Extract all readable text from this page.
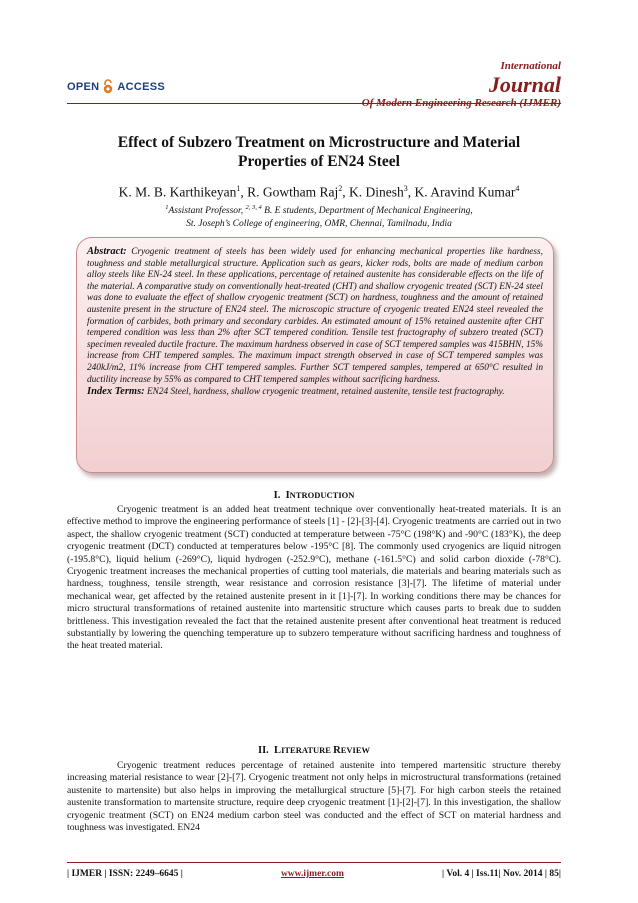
OPEN ACCESS
International
Journal
Of Modern Engineering Research (IJMER)
Effect of Subzero Treatment on Microstructure and Material
Properties of EN24 Steel
K. M. B. Karthikeyan$^1$, R. Gowtham Raj$^2$, K. Dinesh$^3$, K. Aravind Kumar$^4$
$^1$Assistant Professor, $^{2, 3, 4}$ B. E students, Department of Mechanical Engineering,
St. Joseph’s College of engineering, OMR, Chennai, Tamilnadu, India

Abstract: Cryogenic treatment of steels has been widely used for enhancing mechanical properties like hardness, toughness and stable metallurgical structure. Application such as gears, kicker rods, bolts are made of medium carbon alloy steels like EN-24 steel. In these applications, percentage of retained austenite has considerable effects on the life of the material. A comparative study on conventionally heat-treated (CHT) and shallow cryogenic treated (SCT) EN-24 steel was done to evaluate the effect of shallow cryogenic treatment (SCT) on hardness, toughness and the amount of retained austenite present in the structure of EN24 steel. The microscopic structure of cryogenic treated EN24 steel revealed the formation of carbides, both primary and secondary carbides. An estimated amount of 15% retained austenite after CHT tempered condition was less than 2% after SCT tempered condition. Tensile test fractography of subzero treated (SCT) specimen revealed ductile fracture. The maximum hardness observed in case of SCT tempered samples was 415BHN, 15% increase from CHT tempered samples. The maximum impact strength observed in case of SCT tempered samples was 240kJ/m2, 11% increase from CHT tempered samples. Further SCT tempered samples, tempered at 650°C resulted in ductility increase by 55% as compared to CHT tempered samples without sacrificing hardness.

Index Terms: EN24 Steel, hardness, shallow cryogenic treatment, retained austenite, tensile test fractography.

I. INTRODUCTION

Cryogenic treatment is an added heat treatment technique over conventionally heat-treated materials. It is an effective method to improve the engineering performance of steels [1] - [2]-[3]-[4]. Cryogenic treatments are carried out in two aspect, the shallow cryogenic treatment (SCT) conducted at temperature between -75°C (198°K) and -90°C (183°K), the deep cryogenic treatment (DCT) conducted at temperatures below -195°C [8]. The commonly used cryogenics are liquid nitrogen (-195.8°C), liquid helium (-269°C), liquid hydrogen (-252.9°C), methane (-161.5°C) and solid carbon dioxide (-78°C). Cryogenic treatment increases the mechanical properties of cutting tool materials, die materials and bearing materials such as hardness, toughness, tensile strength, wear resistance and corrosion resistance [3]-[7]. The lifetime of material under mechanical wear, get affected by the retained austenite present in it [1]-[7]. In working conditions there may be chances for micro structural transformations of retained austenite into martensitic structure which causes parts to break due to sudden brittleness. This investigation revealed the fact that the retained austenite present after conventional heat treatment is reduced substantially by lowering the quenching temperature up to subzero temperature without sacrificing hardness and toughness of the heat treated material.

II. LITERATURE REVIEW

Cryogenic treatment reduces percentage of retained austenite into tempered martensitic structure thereby increasing material resistance to wear [2]-[7]. Cryogenic treatment not only helps in microstructural transformations (retained austenite to martensite) but also helps in improving the metallurgical structure [5]-[7]. For high carbon steels the retained austenite transformation to martensite structure, require deep cryogenic treatment [1]-[2]-[7]. In this investigation, the shallow cryogenic treatment (SCT) on EN24 medium carbon steel was conducted and the effect of SCT on material hardness and toughness was investigated. EN24

| IJMER | ISSN: 2249–6645 |	www.ijmer.com	| Vol. 4 | Iss.11| Nov. 2014 | 85|
